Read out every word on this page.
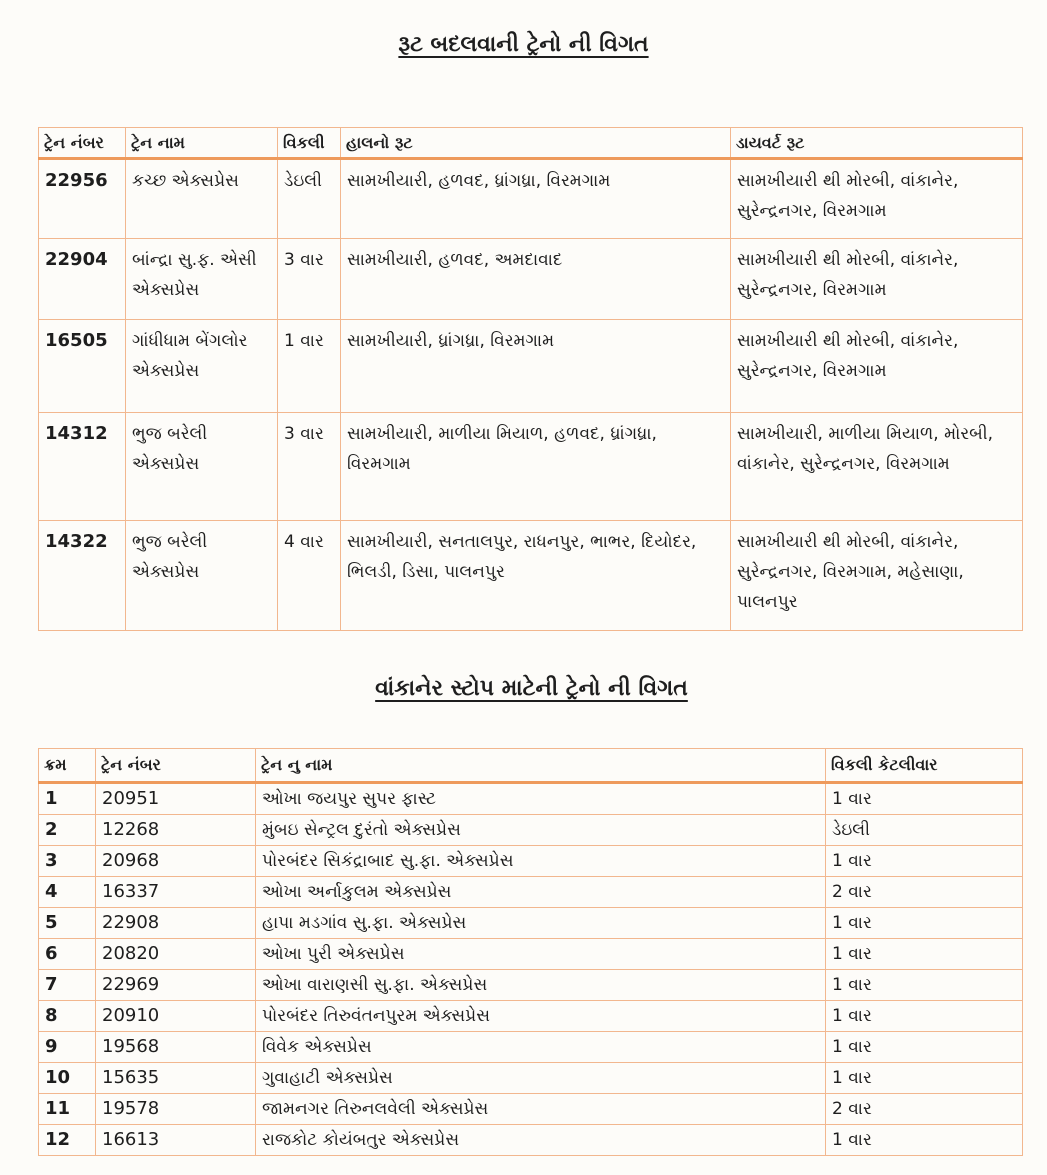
રૂટ બદલવાની ટ્રેનો ની વિગત
ટ્રેન નંબર	ટ્રેન નામ	વિકલી	હાલનો રૂટ	ડાયવર્ટ રૂટ

22956	કચ્છ એક્સપ્રેસ	ડેઇલી	સામખીયારી, હળવદ, ધ્રાંગધ્રા, વિરમગામ	સામખીયારી થી મોરબી, વાંકાનેર, સુરેન્દ્રનગર, વિરમગામ

22904	બાંન્દ્રા સુ.ફ. એસી એક્સપ્રેસ	3 વાર	સામખીયારી, હળવદ, અમદાવાદ	સામખીયારી થી મોરબી, વાંકાનેર, સુરેન્દ્રનગર, વિરમગામ

16505	ગાંધીધામ બેંગલોર એક્સપ્રેસ	1 વાર	સામખીયારી, ધ્રાંગધ્રા, વિરમગામ	સામખીયારી થી મોરબી, વાંકાનેર, સુરેન્દ્રનગર, વિરમગામ

14312	ભુજ બરેલી એક્સપ્રેસ	3 વાર	સામખીયારી, માળીયા મિયાળ, હળવદ, ધ્રાંગધ્રા, વિરમગામ	સામખીયારી, માળીયા મિયાળ, મોરબી, વાંકાનેર, સુરેન્દ્રનગર, વિરમગામ

14322	ભુજ બરેલી એક્સપ્રેસ	4 વાર	સામખીયારી, સનતાલપુર, રાધનપુર, ભાભર, દિયોદર, ભિલડી, ડિસા, પાલનપુર	સામખીયારી થી મોરબી, વાંકાનેર, સુરેન્દ્રનગર, વિરમગામ, મહેસાણા, પાલનપુર
વાંકાનેર સ્ટોપ માટેની ટ્રેનો ની વિગત
ક્રમ	ટ્રેન નંબર	ટ્રેન નુ નામ	વિકલી કેટલીવાર

1	20951	ઓખા જયપુર સુપર ફાસ્ટ	1 વાર

2	12268	મુંબઇ સેન્ટ્રલ દુરંતો એક્સપ્રેસ	ડેઇલી

3	20968	પોરબંદર સિકંદ્રાબાદ સુ.ફા. એક્સપ્રેસ	1 વાર

4	16337	ઓખા અર્નાકુલમ એક્સપ્રેસ	2 વાર

5	22908	હાપા મડગાંવ સુ.ફા. એક્સપ્રેસ	1 વાર

6	20820	ઓખા પુરી એક્સપ્રેસ	1 વાર

7	22969	ઓખા વારાણસી સુ.ફા. એક્સપ્રેસ	1 વાર

8	20910	પોરબંદર તિરુવંતનપુરમ એક્સપ્રેસ	1 વાર

9	19568	વિવેક એક્સપ્રેસ	1 વાર

10	15635	ગુવાહાટી એક્સપ્રેસ	1 વાર

11	19578	જામનગર તિરુનલવેલી એક્સપ્રેસ	2 વાર

12	16613	રાજકોટ કોયંબતુર એક્સપ્રેસ	1 વાર
